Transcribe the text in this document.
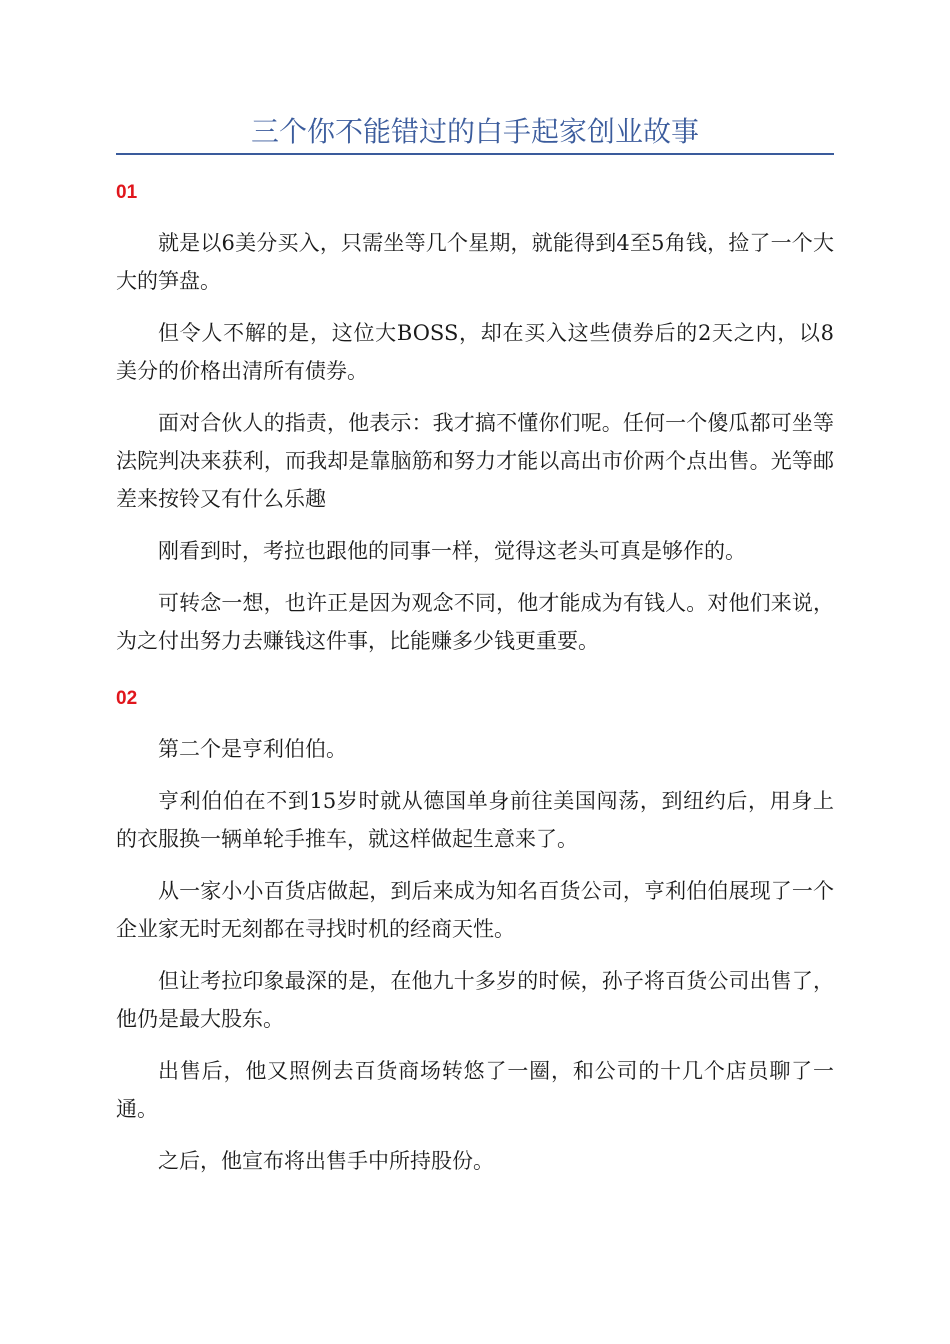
三个你不能错过的白手起家创业故事
01

就是以6美分买入，只需坐等几个星期，就能得到4至5角钱，捡了一个大大的笋盘。

但令人不解的是，这位大BOSS，却在买入这些债券后的2天之内，以8美分的价格出清所有债券。

面对合伙人的指责，他表示：我才搞不懂你们呢。任何一个傻瓜都可坐等法院判决来获利，而我却是靠脑筋和努力才能以高出市价两个点出售。光等邮差来按铃又有什么乐趣

刚看到时，考拉也跟他的同事一样，觉得这老头可真是够作的。

可转念一想，也许正是因为观念不同，他才能成为有钱人。对他们来说，为之付出努力去赚钱这件事，比能赚多少钱更重要。

02

第二个是亨利伯伯。

亨利伯伯在不到15岁时就从德国单身前往美国闯荡，到纽约后，用身上的衣服换一辆单轮手推车，就这样做起生意来了。

从一家小小百货店做起，到后来成为知名百货公司，亨利伯伯展现了一个企业家无时无刻都在寻找时机的经商天性。

但让考拉印象最深的是，在他九十多岁的时候，孙子将百货公司出售了，他仍是最大股东。

出售后，他又照例去百货商场转悠了一圈，和公司的十几个店员聊了一通。

之后，他宣布将出售手中所持股份。
